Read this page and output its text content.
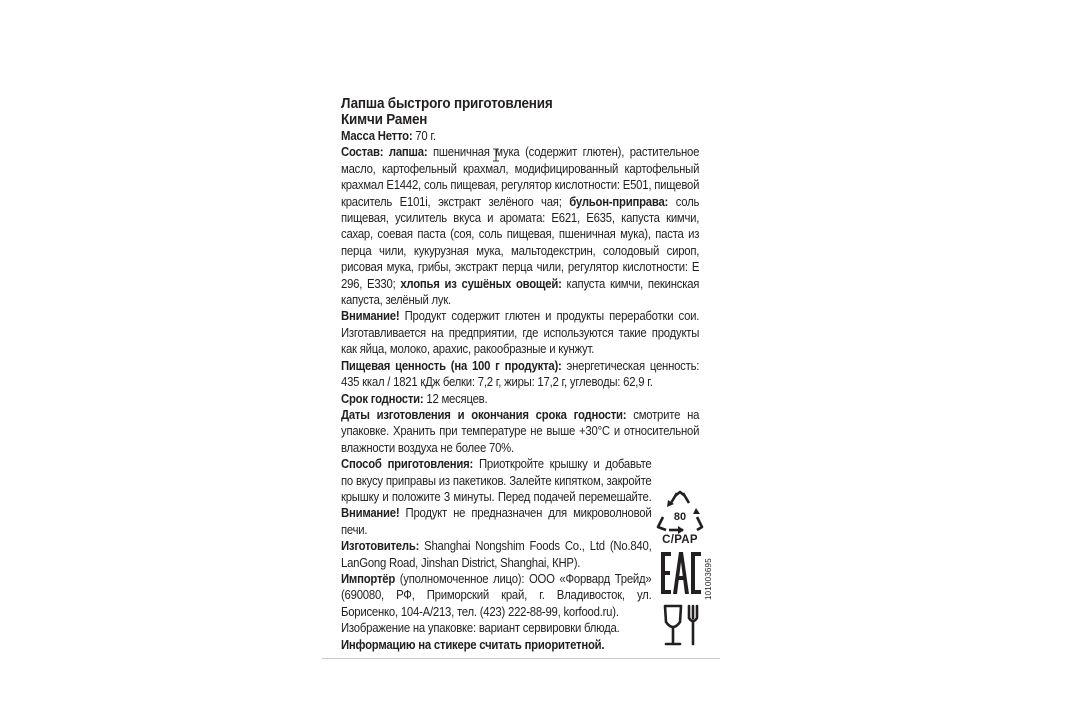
Лапша быстрого приготовления
Кимчи Рамен

Масса Нетто: 70 г.

Состав: лапша: пшеничная мука (содержит глютен), растительное масло, картофельный крахмал, модифицированный картофельный крахмал E1442, соль пищевая, регулятор кислотности: E501, пищевой краситель E101i, экстракт зелёного чая; бульон-приправа: соль пищевая, усилитель вкуса и аромата: E621, E635, капуста кимчи, сахар, соевая паста (соя, соль пищевая, пшеничная мука), паста из перца чили, кукурузная мука, мальтодекстрин, солодовый сироп, рисовая мука, грибы, экстракт перца чили, регулятор кислотности: E 296, E330; хлопья из сушёных овощей: капуста кимчи, пекинская капуста, зелёный лук.

Внимание! Продукт содержит глютен и продукты переработки сои. Изготавливается на предприятии, где используются такие продукты как яйца, молоко, арахис, ракообразные и кунжут.

Пищевая ценность (на 100 г продукта): энергетическая ценность: 435 ккал / 1821 кДж белки: 7,2 г, жиры: 17,2 г, углеводы: 62,9 г.

Срок годности: 12 месяцев.

Даты изготовления и окончания срока годности: смотрите на упаковке. Хранить при температуре не выше +30°C и относительной влажности воздуха не более 70%.

Способ приготовления: Приоткройте крышку и добавьте по вкусу приправы из пакетиков. Залейте кипятком, закройте крышку и положите 3 минуты. Перед подачей перемешайте. Внимание! Продукт не предназначен для микроволновой печи.

Изготовитель: Shanghai Nongshim Foods Co., Ltd (No.840, LanGong Road, Jinshan District, Shanghai, КНР).

Импортёр (уполномоченное лицо): ООО «Форвард Трейд» (690080, РФ, Приморский край, г. Владивосток, ул. Борисенко, 104-А/213, тел. (423) 222-88-99, korfood.ru).

Изображение на упаковке: вариант сервировки блюда.

Информацию на стикере считать приоритетной.

80
C/PAP
101003695
